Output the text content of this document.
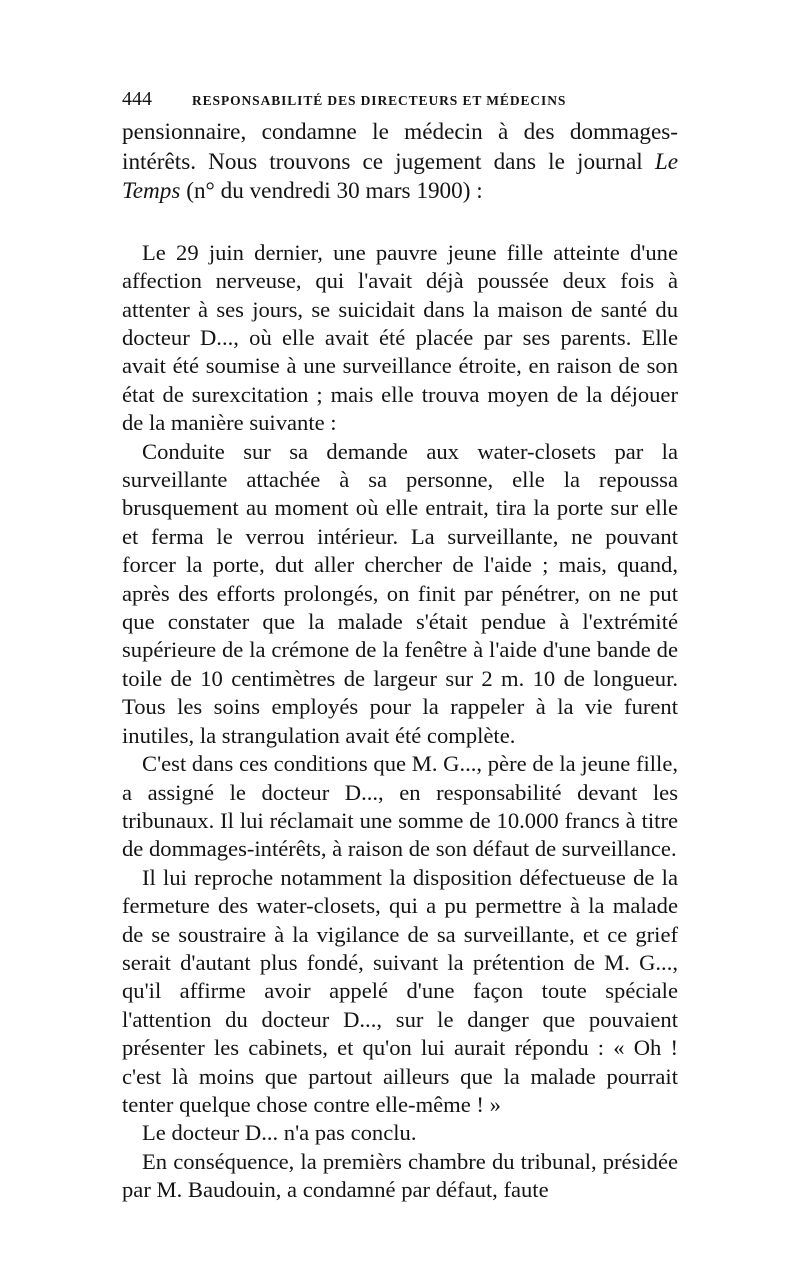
444	RESPONSABILITÉ DES DIRECTEURS ET MÉDECINS

pensionnaire, condamne le médecin à des dommages-intérêts. Nous trouvons ce jugement dans le journal Le Temps (n° du vendredi 30 mars 1900) :

Le 29 juin dernier, une pauvre jeune fille atteinte d'une affection nerveuse, qui l'avait déjà poussée deux fois à attenter à ses jours, se suicidait dans la maison de santé du docteur D..., où elle avait été placée par ses parents. Elle avait été soumise à une surveillance étroite, en raison de son état de surexcitation ; mais elle trouva moyen de la déjouer de la manière suivante :

Conduite sur sa demande aux water-closets par la surveillante attachée à sa personne, elle la repoussa brusquement au moment où elle entrait, tira la porte sur elle et ferma le verrou intérieur. La surveillante, ne pouvant forcer la porte, dut aller chercher de l'aide ; mais, quand, après des efforts prolongés, on finit par pénétrer, on ne put que constater que la malade s'était pendue à l'extrémité supérieure de la crémone de la fenêtre à l'aide d'une bande de toile de 10 centimètres de largeur sur 2 m. 10 de longueur. Tous les soins employés pour la rappeler à la vie furent inutiles, la strangulation avait été complète.

C'est dans ces conditions que M. G..., père de la jeune fille, a assigné le docteur D..., en responsabilité devant les tribunaux. Il lui réclamait une somme de 10.000 francs à titre de dommages-intérêts, à raison de son défaut de surveillance.

Il lui reproche notamment la disposition défectueuse de la fermeture des water-closets, qui a pu permettre à la malade de se soustraire à la vigilance de sa surveillante, et ce grief serait d'autant plus fondé, suivant la prétention de M. G..., qu'il affirme avoir appelé d'une façon toute spéciale l'attention du docteur D..., sur le danger que pouvaient présenter les cabinets, et qu'on lui aurait répondu : « Oh ! c'est là moins que partout ailleurs que la malade pourrait tenter quelque chose contre elle-même ! »

Le docteur D... n'a pas conclu.

En conséquence, la premièrs chambre du tribunal, présidée par M. Baudouin, a condamné par défaut, faute
